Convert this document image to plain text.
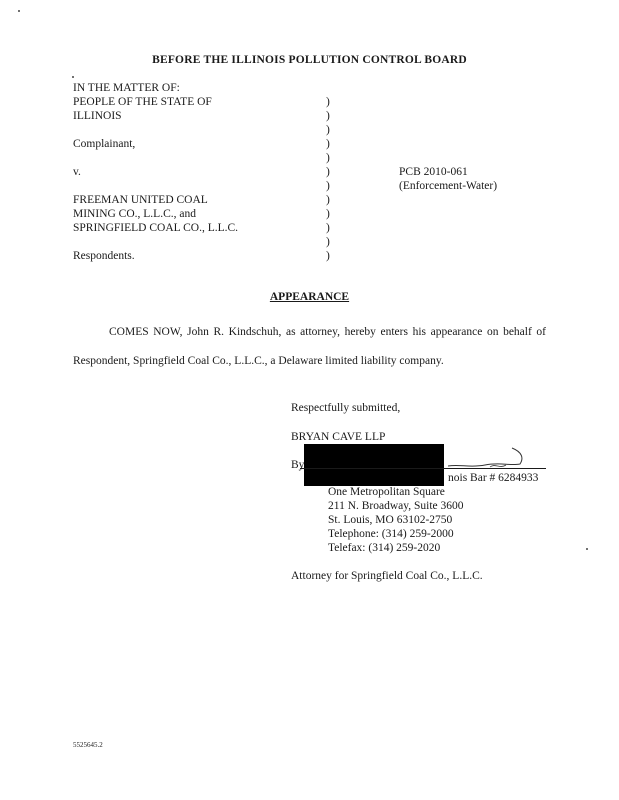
BEFORE THE ILLINOIS POLLUTION CONTROL BOARD
IN THE MATTER OF:
PEOPLE OF THE STATE OF
ILLINOIS
Complainant,
v.
FREEMAN UNITED COAL
MINING CO., L.L.C., and
SPRINGFIELD COAL CO., L.L.C.
Respondents.
)
)
)
)
)
)
)
)
)
)
)
)
PCB 2010-061
(Enforcement-Water)
APPEARANCE
COMES NOW, John R. Kindschuh, as attorney, hereby enters his appearance on behalf of Respondent, Springfield Coal Co., L.L.C., a Delaware limited liability company.
Respectfully submitted,
BRYAN CAVE LLP
By
nois Bar # 6284933
One Metropolitan Square
211 N. Broadway, Suite 3600
St. Louis, MO 63102-2750
Telephone: (314) 259-2000
Telefax: (314) 259-2020
Attorney for Springfield Coal Co., L.L.C.
5525645.2
